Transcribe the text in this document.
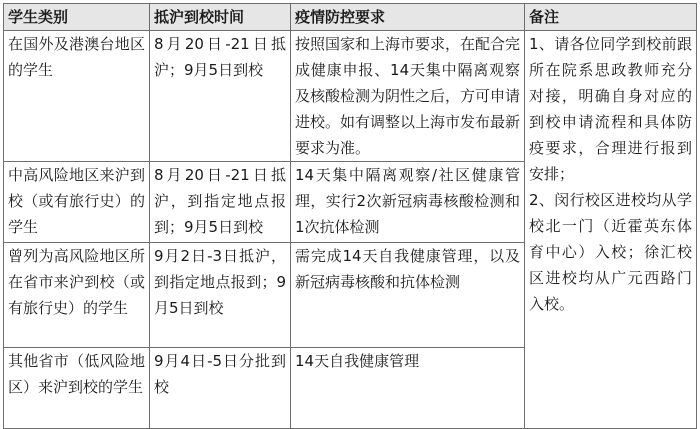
学生类别	抵沪到校时间	疫情防控要求	备注

在国外及港澳台地区的学生	8月20日-21日抵沪；9月5日到校	按照国家和上海市要求，在配合完成健康申报、14天集中隔离观察及核酸检测为阴性之后，方可申请进校。如有调整以上海市发布最新要求为准。	1、请各位同学到校前跟所在院系思政教师充分对接，明确自身对应的到校申请流程和具体防疫要求，合理进行报到安排；
2、闵行校区进校均从学校北一门（近霍英东体育中心）入校；徐汇校区进校均从广元西路门入校。

中高风险地区来沪到校（或有旅行史）的学生	8月20日-21日抵沪，到指定地点报到；9月5日到校	14天集中隔离观察/社区健康管理，实行2次新冠病毒核酸检测和1次抗体检测	

曾列为高风险地区所在省市来沪到校（或有旅行史）的学生	9月2日-3日抵沪，到指定地点报到；9月5日到校	需完成14天自我健康管理，以及新冠病毒核酸和抗体检测	

其他省市（低风险地区）来沪到校的学生	9月4日-5日分批到校	14天自我健康管理	
